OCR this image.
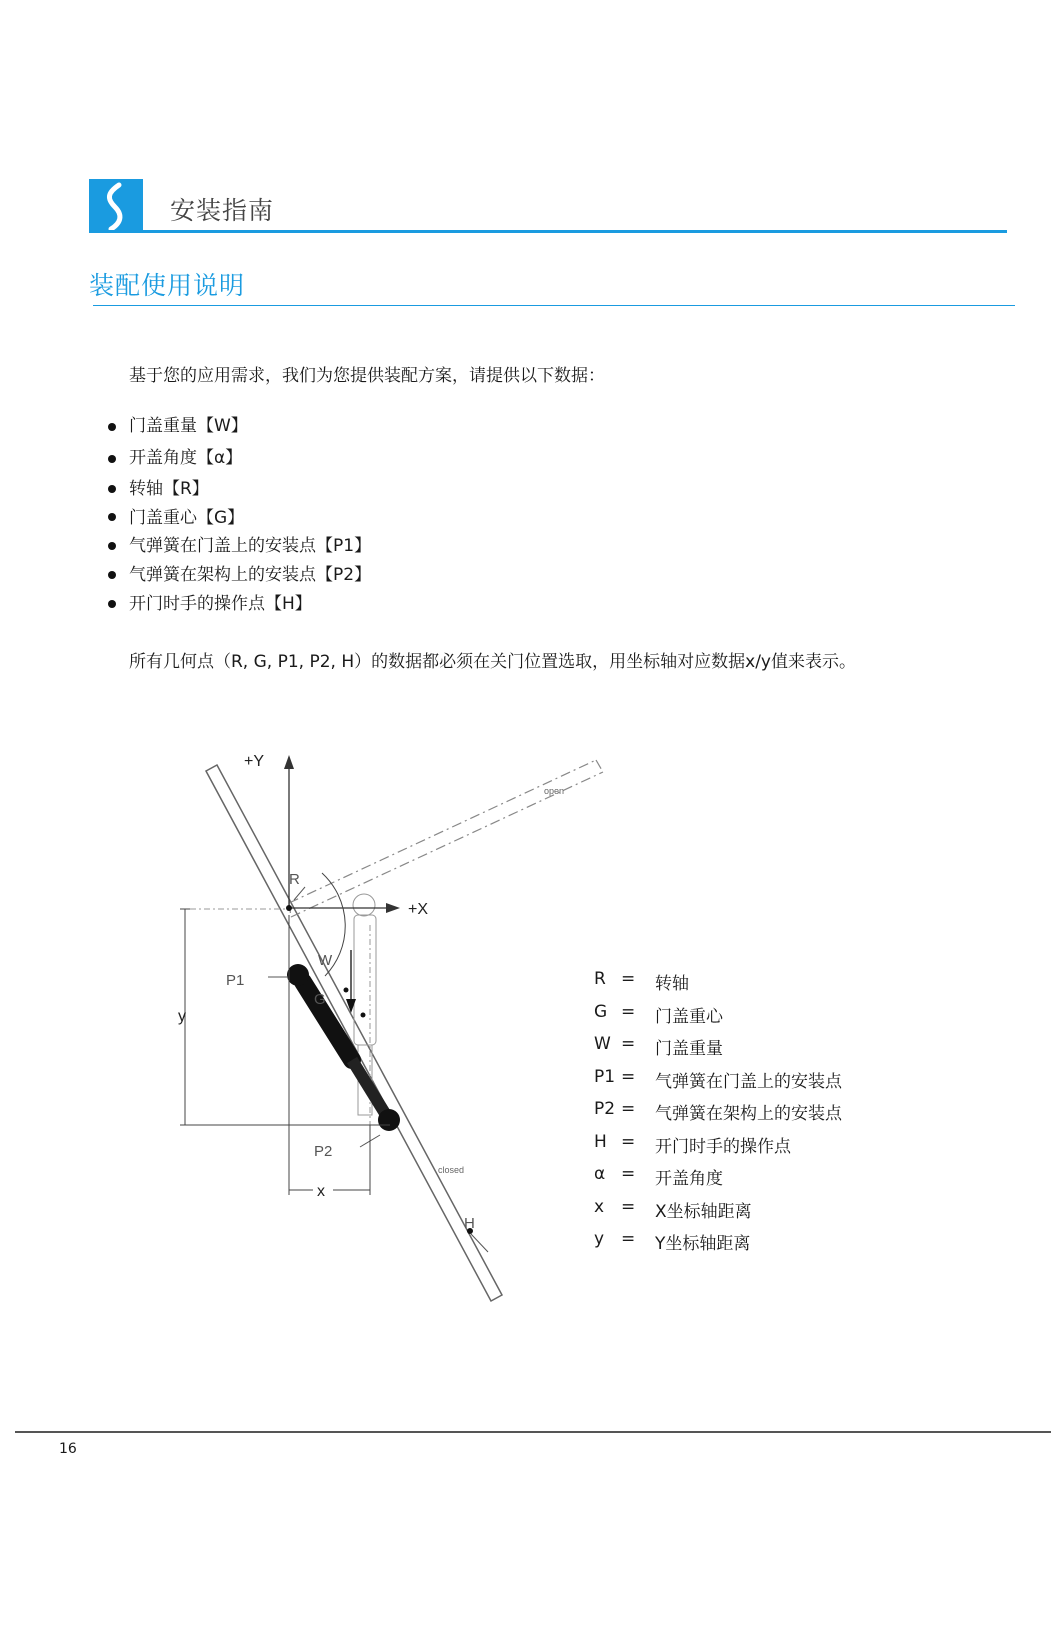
安装指南
装配使用说明
基于您的应用需求，我们为您提供装配方案，请提供以下数据：
门盖重量【W】
开盖角度【α】
转轴【R】
门盖重心【G】
气弹簧在门盖上的安装点【P1】
气弹簧在架构上的安装点【P2】
开门时手的操作点【H】
所有几何点（R, G, P1, P2, H）的数据都必须在关门位置选取，用坐标轴对应数据x/y值来表示。
+Y
+X
open
closed
R
W
G
P1
P2
H
x
y
R =	转轴
G =	门盖重心
W =	门盖重量
P1 =	气弹簧在门盖上的安装点
P2 =	气弹簧在架构上的安装点
H =	开门时手的操作点
α =	开盖角度
x =	X坐标轴距离
y =	Y坐标轴距离
16
